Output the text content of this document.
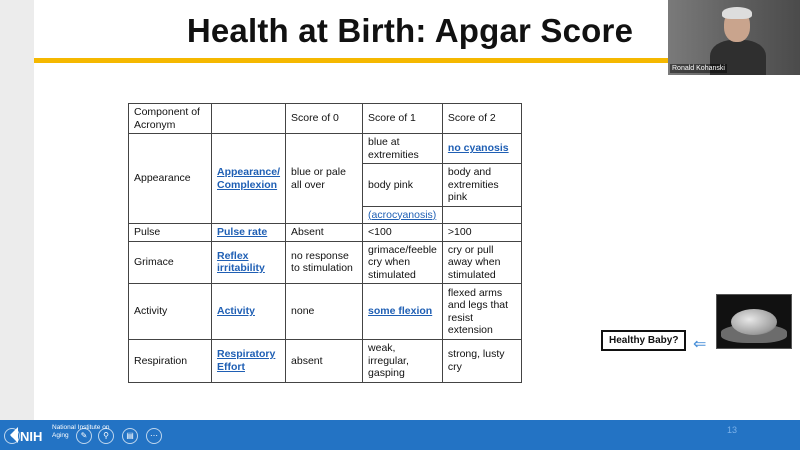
Health at Birth: Apgar Score
Ronald Kohanski
Component of Acronym		Score of 0	Score of 1	Score of 2
Appearance	Appearance/ Complexion	blue or pale all over	blue at extremities	no cyanosis
			body pink	body and extremities pink
			(acrocyanosis)	
Pulse	Pulse rate	Absent	<100	>100
Grimace	Reflex irritability	no response to stimulation	grimace/feeble cry when stimulated	cry or pull away when stimulated
Activity	Activity	none	some flexion	flexed arms and legs that resist extension
Respiration	Respiratory Effort	absent	weak, irregular, gasping	strong, lusty cry
Healthy Baby? ⇐
NIH
National Institute on Aging
‹	✎	⚲	▤	⋯
13
